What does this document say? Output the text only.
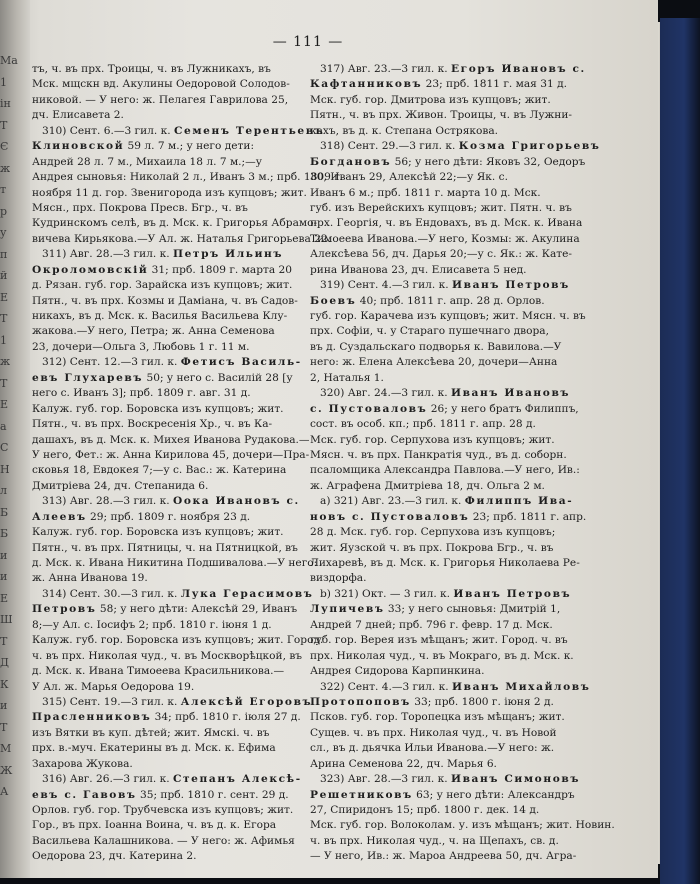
Ма
1
ін
Т
Є
ж
т
р
у
п
й
Е
Т
1
ж
Т
Е
а
С
Н
л
Б
Б
и
и
Е
Ш
Т
Д
К
и
Т
М
Ж
А
— 111 —
тъ, ч. въ прх. Троицы, ч. въ Лужникахъ, въ
Мск. мщскн вд. Акулины Оедоровой Солодов-
никовой. — У него: ж. Пелагея Гаврилова 25,
дч. Елисавета 2.
310) Сент. 6.—3 гил. к. Семенъ Терентьевъ
Клиновской 59 л. 7 м.; у него дети:
Андрей 28 л. 7 м., Михаила 18 л. 7 м.;—у
Андрея сыновья: Николай 2 л., Иванъ 3 м.; прб. 1809 г.
ноября 11 д. гор. Звенигорода изъ купцовъ; жит.
Мясн., прх. Покрова Пресв. Бгр., ч. въ
Кудринскомъ селѣ, въ д. Мск. к. Григорья Абрамо-
вичева Кирьякова.—У Ал. ж. Наталья Григорьева 22.
311) Авг. 28.—3 гил. к. Петръ Ильинъ
Окроломовскій 31; прб. 1809 г. марта 20
д. Рязан. губ. гор. Зарайска изъ купцовъ; жит.
Пятн., ч. въ прх. Козмы и Даміана, ч. въ Садов-
никахъ, въ д. Мск. к. Василья Васильева Клу-
жакова.—У него, Петра; ж. Анна Семенова
23, дочери—Ольга 3, Любовь 1 г. 11 м.
312) Сент. 12.—3 гил. к. Фетисъ Василь-
евъ Глухаревъ 50; у него с. Василій 28 [у
него с. Иванъ 3]; прб. 1809 г. авг. 31 д.
Калуж. губ. гор. Боровска изъ купцовъ; жит.
Пятн., ч. въ прх. Воскресенія Хр., ч. въ Ка-
дашахъ, въ д. Мск. к. Михея Иванова Рудакова.—
У него, Фет.: ж. Анна Кирилова 45, дочери—Пра-
сковья 18, Евдокея 7;—у с. Вас.: ж. Катерина
Дмитріева 24, дч. Степанида 6.
313) Авг. 28.—3 гил. к. Оока Ивановъ с.
Алеевъ 29; прб. 1809 г. ноября 23 д.
Калуж. губ. гор. Боровска изъ купцовъ; жит.
Пятн., ч. въ прх. Пятницы, ч. на Пятницкой, въ
д. Мск. к. Ивана Никитина Подшивалова.—У него:
ж. Анна Иванова 19.
314) Сент. 30.—3 гил. к. Лука Герасимовъ
Петровъ 58; у него дѣти: Алексѣй 29, Иванъ
8;—у Ал. с. Іосифъ 2; прб. 1810 г. іюня 1 д.
Калуж. губ. гор. Боровска изъ купцовъ; жит. Город.
ч. въ прх. Николая чуд., ч. въ Москворѣцкой, въ
д. Мск. к. Ивана Тимоеева Красильникова.—
У Ал. ж. Марья Оедорова 19.
315) Сент. 19.—3 гил. к. Алексѣй Егоровъ
Прасленниковъ 34; прб. 1810 г. іюля 27 д.
изъ Вятки въ куп. дѣтей; жит. Ямскі. ч. въ
прх. в.-муч. Екатерины въ д. Мск. к. Ефима
Захарова Жукова.
316) Авг. 26.—3 гил. к. Степанъ Алексѣ-
евъ с. Гавовъ 35; прб. 1810 г. сент. 29 д.
Орлов. губ. гор. Трубчевска изъ купцовъ; жит.
Гор., въ прх. Іоанна Воина, ч. въ д. к. Егора
Васильева Калашникова. — У него: ж. Афимья
Оедорова 23, дч. Катерина 2.
317) Авг. 23.—3 гил. к. Егоръ Ивановъ с.
Кафтанниковъ 23; прб. 1811 г. мая 31 д.
Мск. губ. гор. Дмитрова изъ купцовъ; жит.
Пятн., ч. въ прх. Живон. Троицы, ч. въ Лужни-
кахъ, въ д. к. Степана Острякова.
318) Сент. 29.—3 гил. к. Козма Григорьевъ
Богдановъ 56; у него дѣти: Яковъ 32, Оедоръ
30, Иванъ 29, Алексѣй 22;—у Як. с.
Иванъ 6 м.; прб. 1811 г. марта 10 д. Мск.
губ. изъ Верейскихъ купцовъ; жит. Пятн. ч. въ
прх. Георгія, ч. въ Ендовахъ, въ д. Мск. к. Ивана
Тимоеева Иванова.—У него, Козмы: ж. Акулина
Алексѣева 56, дч. Дарья 20;—у с. Як.: ж. Кате-
рина Иванова 23, дч. Елисавета 5 нед.
319) Сент. 4.—3 гил. к. Иванъ Петровъ
Боевъ 40; прб. 1811 г. апр. 28 д. Орлов.
губ. гор. Карачева изъ купцовъ; жит. Мясн. ч. въ
прх. Софіи, ч. у Стараго пушечнаго двора,
въ д. Суздальскаго подворья к. Вавилова.—У
него: ж. Елена Алексѣева 20, дочери—Анна
2, Наталья 1.
320) Авг. 24.—3 гил. к. Иванъ Ивановъ
с. Пустоваловъ 26; у него братъ Филиппъ,
сост. въ особ. кп.; прб. 1811 г. апр. 28 д.
Мск. губ. гор. Серпухова изъ купцовъ; жит.
Мясн. ч. въ прх. Панкратія чуд., въ д. соборн.
псаломщика Александра Павлова.—У него, Ив.:
ж. Аграфена Дмитріева 18, дч. Ольга 2 м.
а) 321) Авг. 23.—3 гил. к. Филиппъ Ива-
новъ с. Пустоваловъ 23; прб. 1811 г. апр.
28 д. Мск. губ. гор. Серпухова изъ купцовъ;
жит. Яузской ч. въ прх. Покрова Бгр., ч. въ
Лихаревѣ, въ д. Мск. к. Григорья Николаева Ре-
виздорфа.
b) 321) Окт. — 3 гил. к. Иванъ Петровъ
Лупичевъ 33; у него сыновья: Дмитрій 1,
Андрей 7 дней; прб. 796 г. февр. 17 д. Мск.
губ. гор. Верея изъ мѣщанъ; жит. Город. ч. въ
прх. Николая чуд., ч. въ Мокраго, въ д. Мск. к.
Андрея Сидорова Карпинкина.
322) Сент. 4.—3 гил. к. Иванъ Михайловъ
Протопоповъ 33; прб. 1800 г. іюня 2 д.
Псков. губ. гор. Торопецка изъ мѣщанъ; жит.
Сущев. ч. въ прх. Николая чуд., ч. въ Новой
сл., въ д. дьячка Ильи Иванова.—У него: ж.
Арина Семенова 22, дч. Марья 6.
323) Авг. 28.—3 гил. к. Иванъ Симоновъ
Решетниковъ 63; у него дѣти: Александръ
27, Спиридонъ 15; прб. 1800 г. дек. 14 д.
Мск. губ. гор. Волоколам. у. изъ мѣщанъ; жит. Новин.
ч. въ прх. Николая чуд., ч. на Щепахъ, св. д.
— У него, Ив.: ж. Мароа Андреева 50, дч. Агра-
